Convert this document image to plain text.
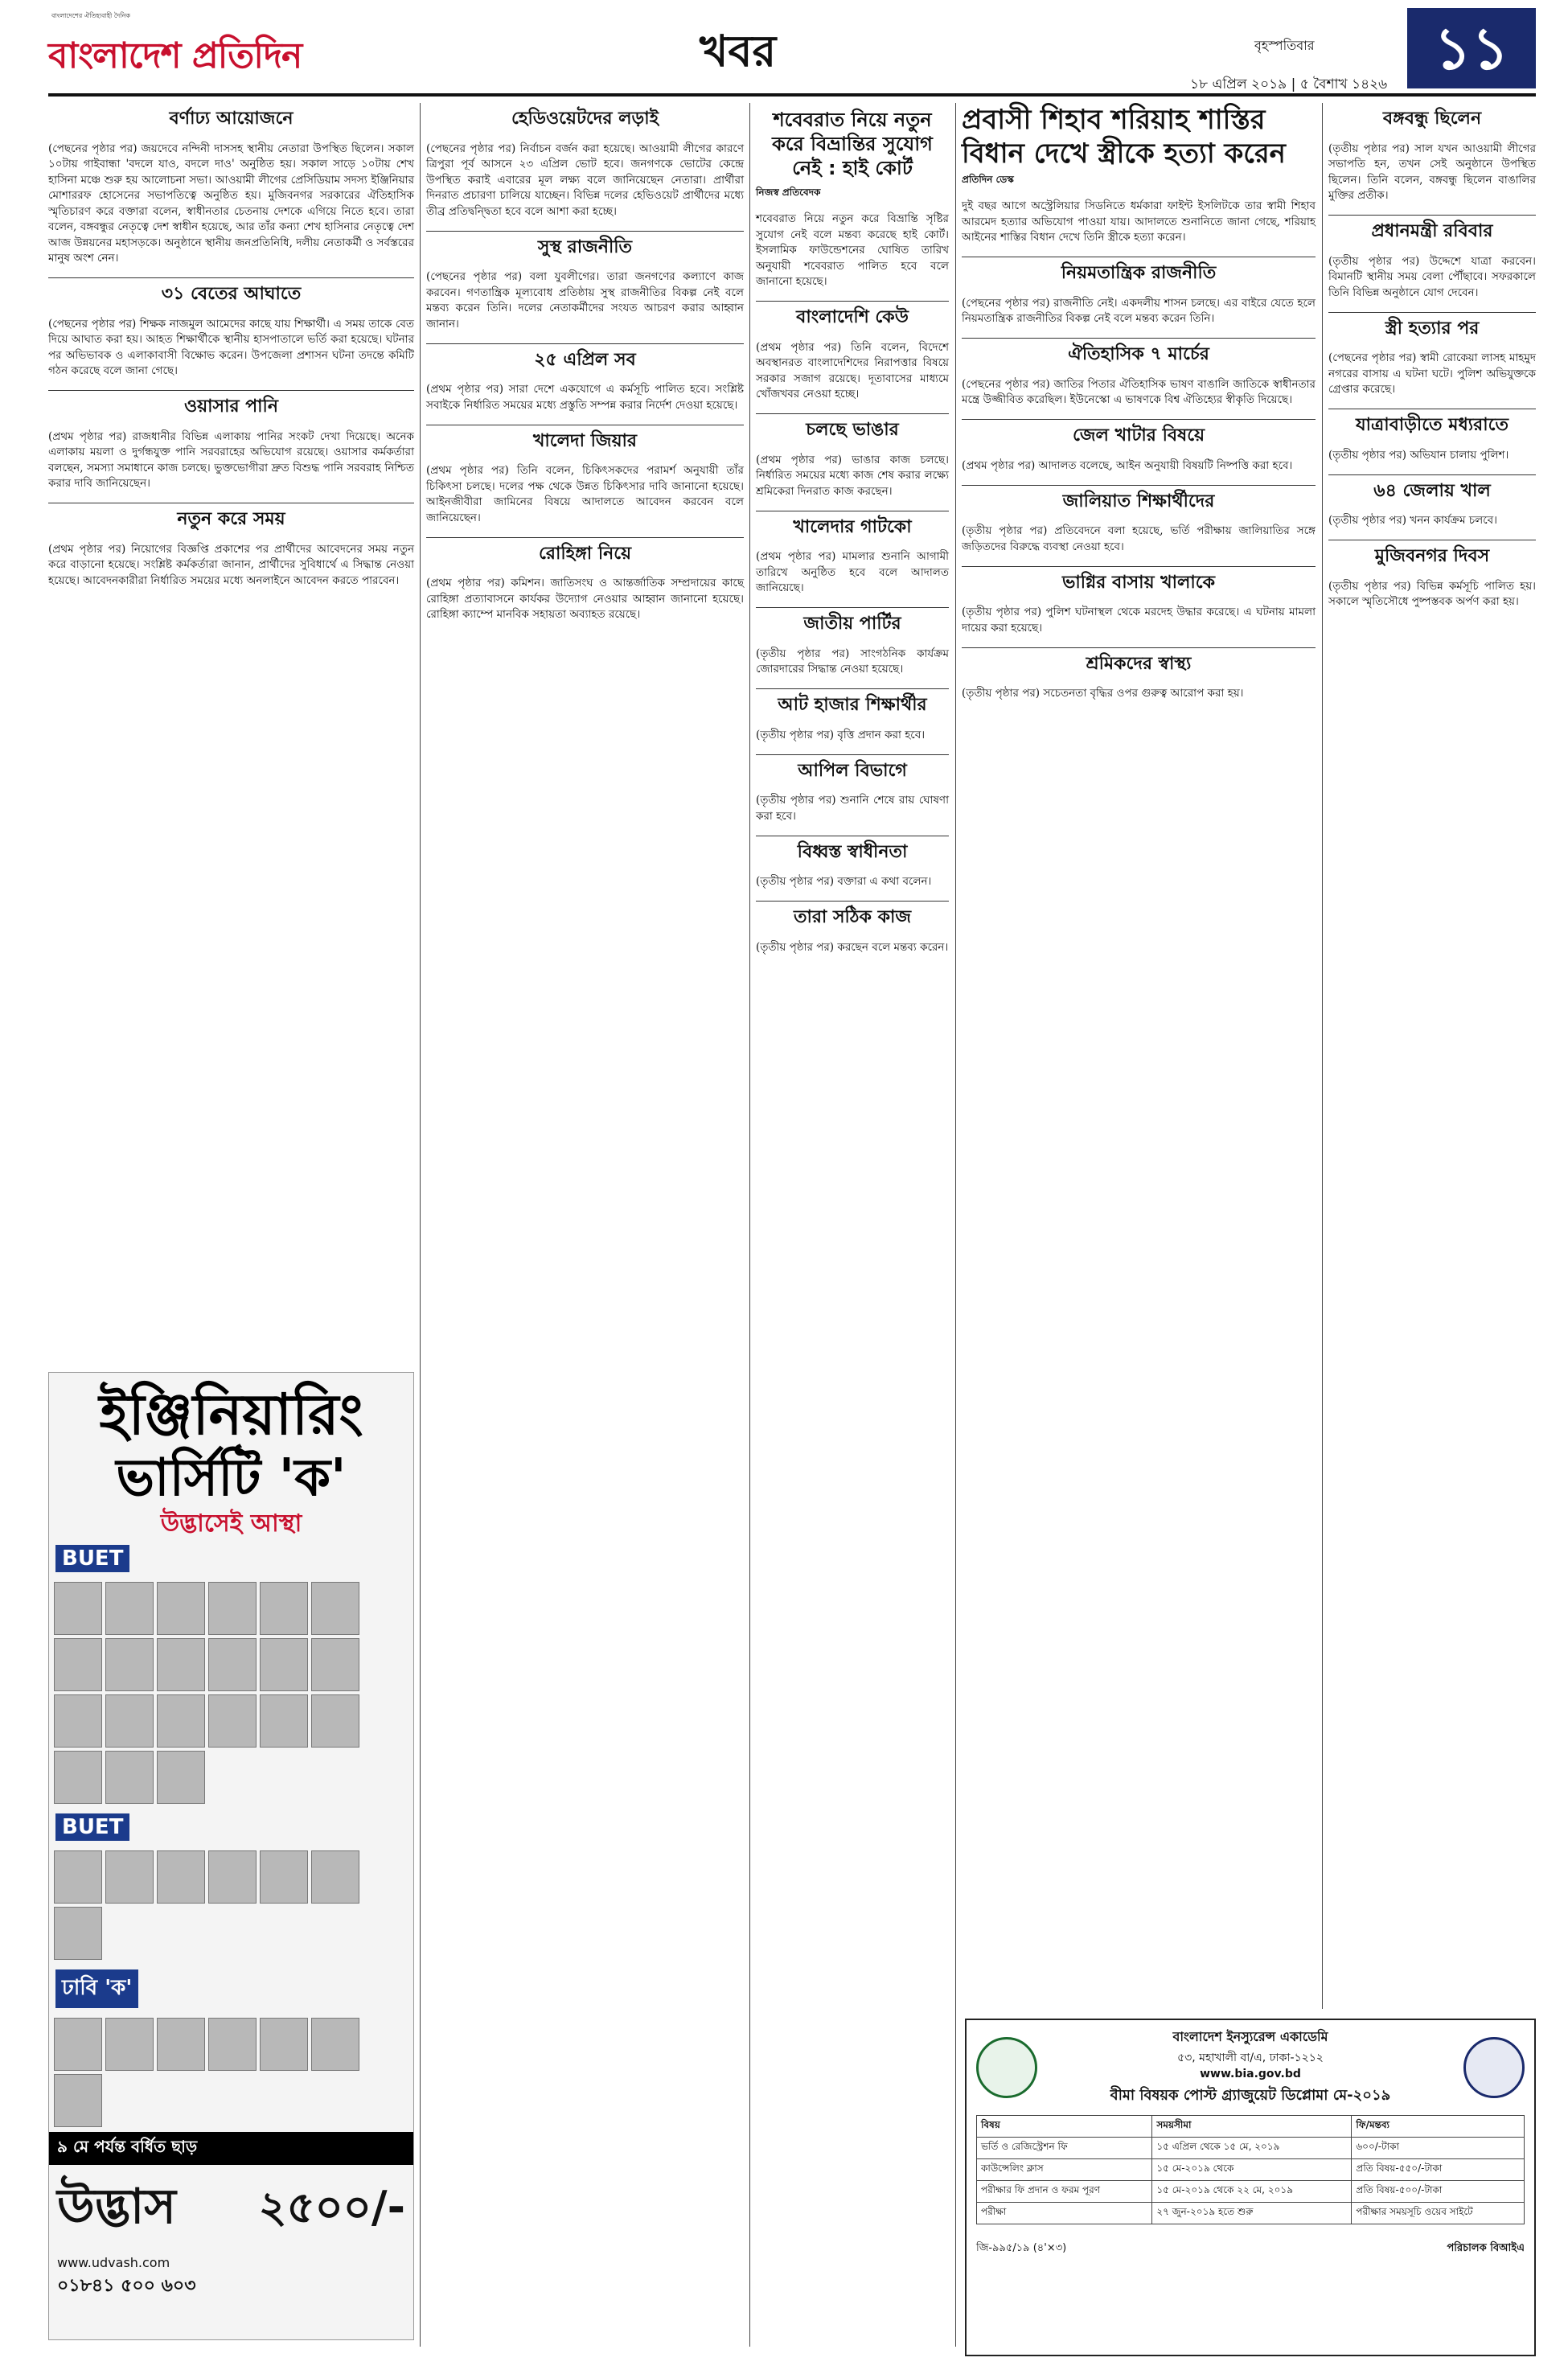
বাংলাদেশের ঐতিহ্যবাহী দৈনিক
বাংলাদেশ প্রতিদিন	খবর	বৃহস্পতিবার
১৮ এপ্রিল ২০১৯ | ৫ বৈশাখ ১৪২৬
১১
বর্ণাঢ্য আয়োজনে

(পেছনের পৃষ্ঠার পর) জয়দেবে নন্দিনী দাসসহ স্থানীয় নেতারা উপস্থিত ছিলেন। সকাল ১০টায় গাইবান্ধা 'বদলে যাও, বদলে দাও' অনুষ্ঠিত হয়। সকাল সাড়ে ১০টায় শেখ হাসিনা মঞ্চে শুরু হয় আলোচনা সভা। আওয়ামী লীগের প্রেসিডিয়াম সদস্য ইঞ্জিনিয়ার মোশাররফ হোসেনের সভাপতিত্বে অনুষ্ঠিত হয়। মুজিবনগর সরকারের ঐতিহাসিক স্মৃতিচারণ করে বক্তারা বলেন, স্বাধীনতার চেতনায় দেশকে এগিয়ে নিতে হবে। তারা বলেন, বঙ্গবন্ধুর নেতৃত্বে দেশ স্বাধীন হয়েছে, আর তাঁর কন্যা শেখ হাসিনার নেতৃত্বে দেশ আজ উন্নয়নের মহাসড়কে। অনুষ্ঠানে স্থানীয় জনপ্রতিনিধি, দলীয় নেতাকর্মী ও সর্বস্তরের মানুষ অংশ নেন।

৩১ বেতের আঘাতে

(পেছনের পৃষ্ঠার পর) শিক্ষক নাজমুল আমেদের কাছে যায় শিক্ষার্থী। এ সময় তাকে বেত দিয়ে আঘাত করা হয়। আহত শিক্ষার্থীকে স্থানীয় হাসপাতালে ভর্তি করা হয়েছে। ঘটনার পর অভিভাবক ও এলাকাবাসী বিক্ষোভ করেন। উপজেলা প্রশাসন ঘটনা তদন্তে কমিটি গঠন করেছে বলে জানা গেছে।

ওয়াসার পানি

(প্রথম পৃষ্ঠার পর) রাজধানীর বিভিন্ন এলাকায় পানির সংকট দেখা দিয়েছে। অনেক এলাকায় ময়লা ও দুর্গন্ধযুক্ত পানি সরবরাহের অভিযোগ রয়েছে। ওয়াসার কর্মকর্তারা বলছেন, সমস্যা সমাধানে কাজ চলছে। ভুক্তভোগীরা দ্রুত বিশুদ্ধ পানি সরবরাহ নিশ্চিত করার দাবি জানিয়েছেন।

নতুন করে সময়

(প্রথম পৃষ্ঠার পর) নিয়োগের বিজ্ঞপ্তি প্রকাশের পর প্রার্থীদের আবেদনের সময় নতুন করে বাড়ানো হয়েছে। সংশ্লিষ্ট কর্মকর্তারা জানান, প্রার্থীদের সুবিধার্থে এ সিদ্ধান্ত নেওয়া হয়েছে। আবেদনকারীরা নির্ধারিত সময়ের মধ্যে অনলাইনে আবেদন করতে পারবেন।

ইঞ্জিনিয়ারিং
ভার্সিটি 'ক'
উদ্ভাসেই আস্থা
BUET
BUET
ঢাবি 'ক'
৯ মে পর্যন্ত বর্ধিত ছাড়
উদ্ভাস ২৫০০/-
www.udvash.com
০১৮৪১ ৫০০ ৬০৩
হেডিওয়েটদের লড়াই

(পেছনের পৃষ্ঠার পর) নির্বাচন বর্জন করা হয়েছে। আওয়ামী লীগের কারণে ত্রিপুরা পূর্ব আসনে ২৩ এপ্রিল ভোট হবে। জনগণকে ভোটের কেন্দ্রে উপস্থিত করাই এবারের মূল লক্ষ্য বলে জানিয়েছেন নেতারা। প্রার্থীরা দিনরাত প্রচারণা চালিয়ে যাচ্ছেন। বিভিন্ন দলের হেভিওয়েট প্রার্থীদের মধ্যে তীব্র প্রতিদ্বন্দ্বিতা হবে বলে আশা করা হচ্ছে।

সুস্থ রাজনীতি

(পেছনের পৃষ্ঠার পর) বলা যুবলীগের। তারা জনগণের কল্যাণে কাজ করবেন। গণতান্ত্রিক মূল্যবোধ প্রতিষ্ঠায় সুস্থ রাজনীতির বিকল্প নেই বলে মন্তব্য করেন তিনি। দলের নেতাকর্মীদের সংযত আচরণ করার আহ্বান জানান।

২৫ এপ্রিল সব

(প্রথম পৃষ্ঠার পর) সারা দেশে একযোগে এ কর্মসূচি পালিত হবে। সংশ্লিষ্ট সবাইকে নির্ধারিত সময়ের মধ্যে প্রস্তুতি সম্পন্ন করার নির্দেশ দেওয়া হয়েছে।

খালেদা জিয়ার

(প্রথম পৃষ্ঠার পর) তিনি বলেন, চিকিৎসকদের পরামর্শ অনুযায়ী তাঁর চিকিৎসা চলছে। দলের পক্ষ থেকে উন্নত চিকিৎসার দাবি জানানো হয়েছে। আইনজীবীরা জামিনের বিষয়ে আদালতে আবেদন করবেন বলে জানিয়েছেন।

রোহিঙ্গা নিয়ে

(প্রথম পৃষ্ঠার পর) কমিশন। জাতিসংঘ ও আন্তর্জাতিক সম্প্রদায়ের কাছে রোহিঙ্গা প্রত্যাবাসনে কার্যকর উদ্যোগ নেওয়ার আহ্বান জানানো হয়েছে। রোহিঙ্গা ক্যাম্পে মানবিক সহায়তা অব্যাহত রয়েছে।

শবেবরাত নিয়ে নতুন করে বিভ্রান্তির সুযোগ নেই : হাই কোর্ট
নিজস্ব প্রতিবেদক

শবেবরাত নিয়ে নতুন করে বিভ্রান্তি সৃষ্টির সুযোগ নেই বলে মন্তব্য করেছে হাই কোর্ট। ইসলামিক ফাউন্ডেশনের ঘোষিত তারিখ অনুযায়ী শবেবরাত পালিত হবে বলে জানানো হয়েছে।

বাংলাদেশি কেউ

(প্রথম পৃষ্ঠার পর) তিনি বলেন, বিদেশে অবস্থানরত বাংলাদেশিদের নিরাপত্তার বিষয়ে সরকার সজাগ রয়েছে। দূতাবাসের মাধ্যমে খোঁজখবর নেওয়া হচ্ছে।

চলছে ভাঙার

(প্রথম পৃষ্ঠার পর) ভাঙার কাজ চলছে। নির্ধারিত সময়ের মধ্যে কাজ শেষ করার লক্ষ্যে শ্রমিকেরা দিনরাত কাজ করছেন।

খালেদার গাটকো

(প্রথম পৃষ্ঠার পর) মামলার শুনানি আগামী তারিখে অনুষ্ঠিত হবে বলে আদালত জানিয়েছে।

জাতীয় পার্টির

(তৃতীয় পৃষ্ঠার পর) সাংগঠনিক কার্যক্রম জোরদারের সিদ্ধান্ত নেওয়া হয়েছে।

আট হাজার শিক্ষার্থীর

(তৃতীয় পৃষ্ঠার পর) বৃত্তি প্রদান করা হবে।

আপিল বিভাগে

(তৃতীয় পৃষ্ঠার পর) শুনানি শেষে রায় ঘোষণা করা হবে।

বিধ্বস্ত স্বাধীনতা

(তৃতীয় পৃষ্ঠার পর) বক্তারা এ কথা বলেন।

তারা সঠিক কাজ

(তৃতীয় পৃষ্ঠার পর) করছেন বলে মন্তব্য করেন।

প্রবাসী শিহাব শরিয়াহ শাস্তির বিধান দেখে স্ত্রীকে হত্যা করেন
প্রতিদিন ডেস্ক

দুই বছর আগে অস্ট্রেলিয়ার সিডনিতে ধর্মকারা ফাইন্ট ইসলিটকে তার স্বামী শিহাব আরমেদ হত্যার অভিযোগ পাওয়া যায়। আদালতে শুনানিতে জানা গেছে, শরিয়াহ আইনের শাস্তির বিধান দেখে তিনি স্ত্রীকে হত্যা করেন।

নিয়মতান্ত্রিক রাজনীতি

(পেছনের পৃষ্ঠার পর) রাজনীতি নেই। একদলীয় শাসন চলছে। এর বাইরে যেতে হলে নিয়মতান্ত্রিক রাজনীতির বিকল্প নেই বলে মন্তব্য করেন তিনি।

ঐতিহাসিক ৭ মার্চের

(পেছনের পৃষ্ঠার পর) জাতির পিতার ঐতিহাসিক ভাষণ বাঙালি জাতিকে স্বাধীনতার মন্ত্রে উজ্জীবিত করেছিল। ইউনেস্কো এ ভাষণকে বিশ্ব ঐতিহ্যের স্বীকৃতি দিয়েছে।

জেল খাটার বিষয়ে

(প্রথম পৃষ্ঠার পর) আদালত বলেছে, আইন অনুযায়ী বিষয়টি নিষ্পত্তি করা হবে।

জালিয়াত শিক্ষার্থীদের

(তৃতীয় পৃষ্ঠার পর) প্রতিবেদনে বলা হয়েছে, ভর্তি পরীক্ষায় জালিয়াতির সঙ্গে জড়িতদের বিরুদ্ধে ব্যবস্থা নেওয়া হবে।

ভাগ্নির বাসায় খালাকে

(তৃতীয় পৃষ্ঠার পর) পুলিশ ঘটনাস্থল থেকে মরদেহ উদ্ধার করেছে। এ ঘটনায় মামলা দায়ের করা হয়েছে।

শ্রমিকদের স্বাস্থ্য

(তৃতীয় পৃষ্ঠার পর) সচেতনতা বৃদ্ধির ওপর গুরুত্ব আরোপ করা হয়।

বঙ্গবন্ধু ছিলেন

(তৃতীয় পৃষ্ঠার পর) সাল যখন আওয়ামী লীগের সভাপতি হন, তখন সেই অনুষ্ঠানে উপস্থিত ছিলেন। তিনি বলেন, বঙ্গবন্ধু ছিলেন বাঙালির মুক্তির প্রতীক।

প্রধানমন্ত্রী রবিবার

(তৃতীয় পৃষ্ঠার পর) উদ্দেশে যাত্রা করবেন। বিমানটি স্থানীয় সময় বেলা পৌঁছাবে। সফরকালে তিনি বিভিন্ন অনুষ্ঠানে যোগ দেবেন।

স্ত্রী হত্যার পর

(পেছনের পৃষ্ঠার পর) স্বামী রোকেয়া লাসহ মাহমুদ নগরের বাসায় এ ঘটনা ঘটে। পুলিশ অভিযুক্তকে গ্রেপ্তার করেছে।

যাত্রাবাড়ীতে মধ্যরাতে

(তৃতীয় পৃষ্ঠার পর) অভিযান চালায় পুলিশ।

৬৪ জেলায় খাল

(তৃতীয় পৃষ্ঠার পর) খনন কার্যক্রম চলবে।

মুজিবনগর দিবস

(তৃতীয় পৃষ্ঠার পর) বিভিন্ন কর্মসূচি পালিত হয়। সকালে স্মৃতিসৌধে পুষ্পস্তবক অর্পণ করা হয়।

বাংলাদেশ ইনস্যুরেন্স একাডেমি
৫৩, মহাখালী বা/এ, ঢাকা-১২১২
www.bia.gov.bd
বীমা বিষয়ক পোস্ট গ্র্যাজুয়েট ডিপ্লোমা মে-২০১৯
বিষয়	সময়সীমা	ফি/মন্তব্য
ভর্তি ও রেজিস্ট্রেশন ফি	১৫ এপ্রিল থেকে ১৫ মে, ২০১৯	৬০০/-টাকা
কাউন্সেলিং ক্লাস	১৫ মে-২০১৯ থেকে	প্রতি বিষয়-৫৫০/-টাকা
পরীক্ষার ফি প্রদান ও ফরম পূরণ	১৫ মে-২০১৯ থেকে ২২ মে, ২০১৯	প্রতি বিষয়-৫০০/-টাকা
পরীক্ষা	২৭ জুন-২০১৯ হতে শুরু	পরীক্ষার সময়সূচি ওয়েব সাইটে
জি-৯৯৫/১৯ (৪'×৩)	পরিচালক বিআইএ
